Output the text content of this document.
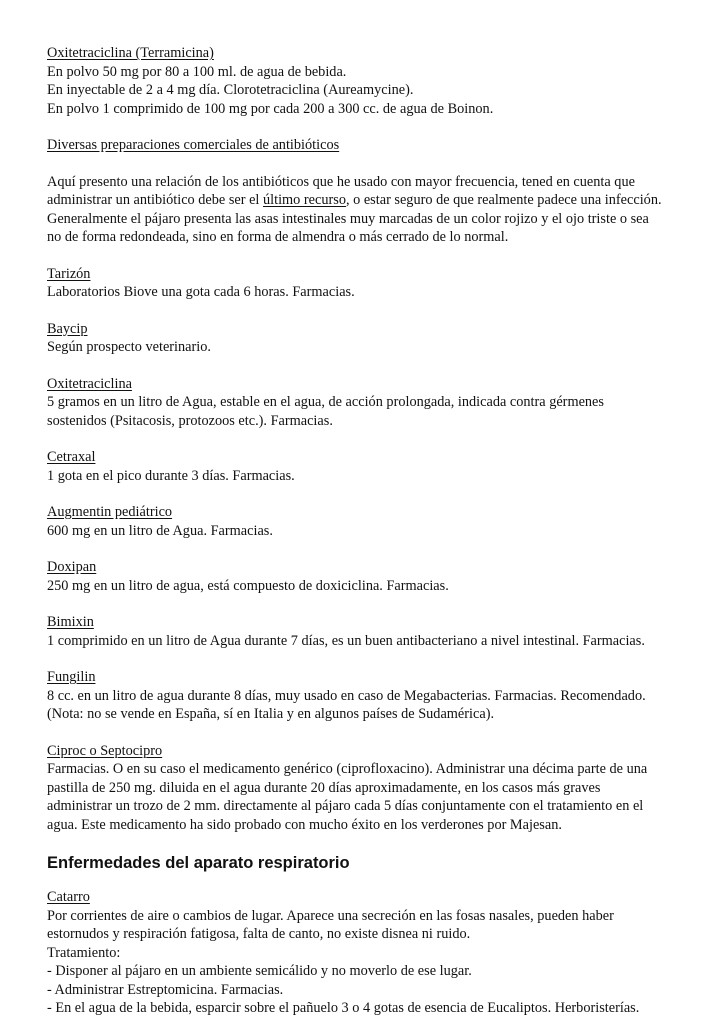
Oxitetraciclina (Terramicina)
En polvo 50 mg por 80 a 100 ml. de agua de bebida.
En inyectable de 2 a 4 mg día. Clorotetraciclina (Aureamycine).
En polvo 1 comprimido de 100 mg por cada 200 a 300 cc. de agua de Boinon.
Diversas preparaciones comerciales de antibióticos
Aquí presento una relación de los antibióticos que he usado con mayor frecuencia, tened en cuenta que
administrar un antibiótico debe ser el último recurso, o estar seguro de que realmente padece una infección.
Generalmente el pájaro presenta las asas intestinales muy marcadas de un color rojizo y el ojo triste o sea
no de forma redondeada, sino en forma de almendra o más cerrado de lo normal.
Tarizón
Laboratorios Biove una gota cada 6 horas. Farmacias.
Baycip
Según prospecto veterinario.
Oxitetraciclina
5 gramos en un litro de Agua, estable en el agua, de acción prolongada, indicada contra gérmenes
sostenidos (Psitacosis, protozoos etc.). Farmacias.
Cetraxal
1 gota en el pico durante 3 días. Farmacias.
Augmentin pediátrico
600 mg en un litro de Agua. Farmacias.
Doxipan
250 mg en un litro de agua, está compuesto de doxiciclina. Farmacias.
Bimixin
1 comprimido en un litro de Agua durante 7 días, es un buen antibacteriano a nivel intestinal. Farmacias.
Fungilin
8 cc. en un litro de agua durante 8 días, muy usado en caso de Megabacterias. Farmacias. Recomendado.
(Nota: no se vende en España, sí en Italia y en algunos países de Sudamérica).
Ciproc o Septocipro
Farmacias. O en su caso el medicamento genérico (ciprofloxacino). Administrar una décima parte de una
pastilla de 250 mg. diluida en el agua durante 20 días aproximadamente, en los casos más graves
administrar un trozo de 2 mm. directamente al pájaro cada 5 días conjuntamente con el tratamiento en el
agua. Este medicamento ha sido probado con mucho éxito en los verderones por Majesan.
Enfermedades del aparato respiratorio
Catarro
Por corrientes de aire o cambios de lugar. Aparece una secreción en las fosas nasales, pueden haber
estornudos y respiración fatigosa, falta de canto, no existe disnea ni ruido.
Tratamiento:
- Disponer al pájaro en un ambiente semicálido y no moverlo de ese lugar.
- Administrar Estreptomicina. Farmacias.
- En el agua de la bebida, esparcir sobre el pañuelo 3 o 4 gotas de esencia de Eucaliptos. Herboristerías.
